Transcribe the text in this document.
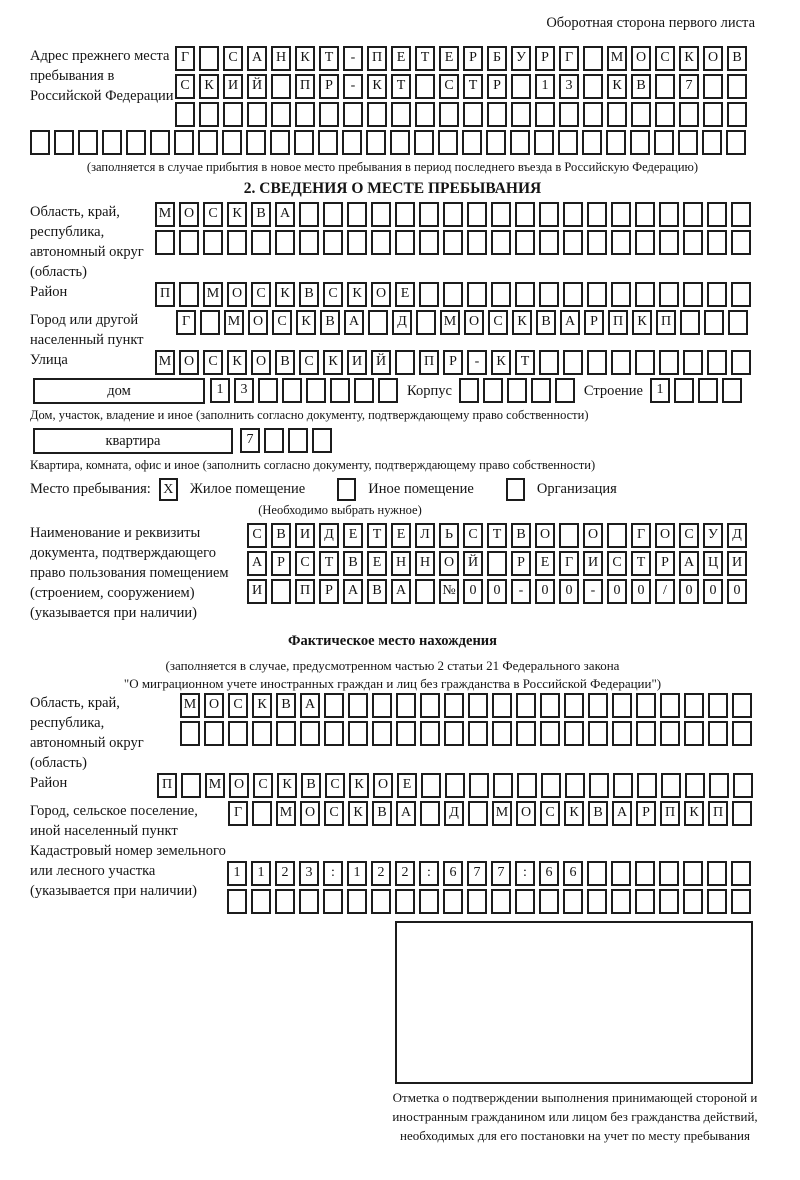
Оборотная сторона первого листа
Адрес прежнего места пребывания в Российской Федерации
Г	С	А Н	К	Т	-	П	Е	Т	Е	Р	Б	У	Р	Г	М О	С	К	О	В
С	К	И Й	П	Р	-	К	Т	С	Т	Р	1	3	К	В	7
(заполняется в случае прибытия в новое место пребывания в период последнего въезда в Российскую Федерацию)
2. СВЕДЕНИЯ О МЕСТЕ ПРЕБЫВАНИЯ
Область, край, республика, автономный округ (область)
М О	С	К	В	А
Район	П	М О	С	К	В	С	К	О	Е
Город или другой населенный пункт
Г	М О	С	К	В	А	Д	М О	С	К	В	А	Р	П	К	П
Улица	М О	С	К	О	В	С	К	И Й	П	Р	-	К	Т
дом	1	3	Корпус	Строение 1
Дом, участок, владение и иное (заполнить согласно документу, подтверждающему право собственности)
квартира	7
Квартира, комната, офис и иное (заполнить согласно документу, подтверждающему право собственности)
Место пребывания: X	Жилое помещение	Иное помещение	Организация
(Необходимо выбрать нужное)
Наименование и реквизиты документа, подтверждающего право пользования помещением (строением, сооружением) (указывается при наличии)
С	В	И	Д	Е	Т	Е	Л	Ь	С	Т	В	О	О	Г	О	С	У	Д
А	Р	С	Т	В	Е	Н Н О Й	Р	Е	Г	И	С	Т	Р	А Ц И
И	П	Р	А	В	А	№ 0	0	-	0	0	-	0	0	/	0	0	0
Фактическое место нахождения
(заполняется в случае, предусмотренном частью 2 статьи 21 Федерального закона
"О миграционном учете иностранных граждан и лиц без гражданства в Российской Федерации")
Область, край, республика, автономный округ (область)
М О	С	К	В	А
Район	П	М О	С	К	В	С	К	О	Е
Город, сельское поселение, иной населенный пункт
Г	М О	С	К	В	А	Д	М О	С	К	В	А	Р	П	К	П
Кадастровый номер земельного или лесного участка (указывается при наличии)
1	1	2	3	:	1	2	2	:	6	7	7	:	6	6
Отметка о подтверждении выполнения принимающей стороной и иностранным гражданином или лицом без гражданства действий, необходимых для его постановки на учет по месту пребывания
